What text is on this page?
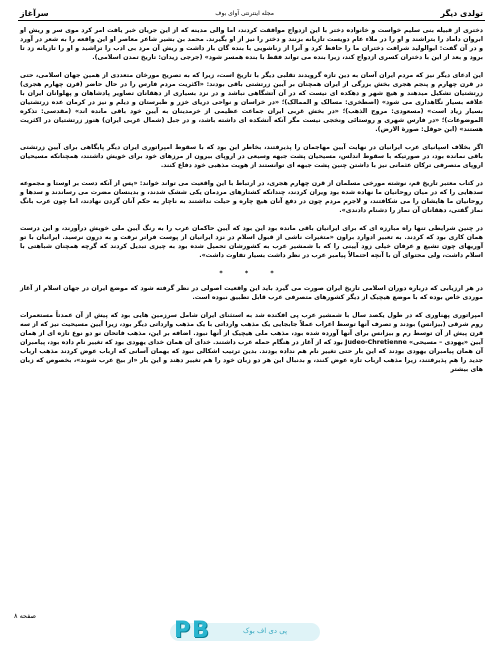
تولدی دیگر
مجله اینترنتی آوای بوف
سرآغاز

دختری از قبیله بنی سلیم خواست و خانواده دختر با این ازدواج موافقت کردند، اما والی مدینه که از این جریان خبر یافت امر کرد موی سر و ریش او ابروان داماد را بتراشند و او را در ملاء عام دویست تازیانه بزنند و دختر را نیز از او بگیرند. محمد بن بشیر شاعر معاصر او این واقعه را به شعر در آورد و در آن گفت: ابوالولید شرافت دختران ما را حافظ کرد و آنرا از زناشویی با بنده گان باز داشت و ریش آن مرد بی ادب را تراشید و او را تازیانه زد تا برود و بعد از این با دختران کسری ازدواج کند، زیرا بنده می تواند فقط با بنده همسر شود» (جرجی زیدان: تاریخ تمدن اسلامی).

این ادعای دیگر نیز که مردم ایران آسان به دین تازه گرویدند تقلبی دیگر با تاریخ است، زیرا که به تصریح مورخان متعددی از همین جهان اسلامی، حتی در قرن چهارم و پنجم هجری بخش بزرگی از ایران همچنان بر آیین زرتشتی باقی بودند: «اکثریت مردم فارس را در حال حاضر (قرن چهارم هجری) زرتشتیان تشکیل میدهند و هیچ شهر و دهکده ای نیست که در آن آتشگاهی نباشد و در نزد بسیاری از دهقانان تصاویر پادشاهان و پهلوانان ایران با علاقه بسیار نگاهداری می شود» (اصطخری: مسالک و الممالک)؛ «در خراسان و نواحی دریای خزر و طبرستان و دیلم و نیز در کرمان عده زرتشتیان بسیار زیاد است» (مسعودی: مروج الذهب)؛ «در بخش غربی ایران جماعت عظیمی از خرمدینان به آیین خود باقی مانده اند» (مقدسی: تذکره الموضوعات)؛ «در فارس شهری و روستائی ونخجی نیست مگر آنکه آتشکده ای داشته باشد، و در جبل (شمال غربی ایران) هنوز زرتشتیان در اکثریت هستند» (ابن حوقل: صورة الارض).

اگر بخلاف اسپانیای عرب ایرانیان در نهایت آیین مهاجمان را پذیرفتند، بخاطر این بود که با سقوط امپراتوری ایران دیگر پایگاهی برای آیین زرتشتی باقی نمانده بود، در صورتیکه با سقوط اندلس، مسیحیان پشت جبهه وسیعی در اروپای بیرون از مرزهای خود برای خویش داشتند، همچنانکه مسیحیان اروپای متصرفی ترکان عثمانی نیز با داشتن چنین پشت جبهه ای توانستند از هویت مذهبی خود دفاع کنند.

در کتاب معتبر تاریخ قم، نوشته مورخی مسلمان از قرن چهارم هجری، در ارتباط با این واقعیت می تواند خواند: «پس از آنکه دست بر اوستا و مجموعه سدهایی را که در میان روحانیان ما نهاده شده بود ویران کردند، چندانکه کشتارهای مردمان یکی ششک شدند، و بدینسان مضرت می رساندند و سدها و روحانیان ما هایشان را می شکافتند، و لاجرم مردم چون در دفع آنان هیچ چاره و حیلت نداشتند به ناچار به حکم آنان گردن نهادند، اما چون عرب بانگ نماز گفتی، دهقانان آن نماز را دشنام دادندی».

در چنین شرایطی تنها راه مبارزه ای که برای ایرانیان باقی مانده بود این بود که آیین حاکمان عرب را به رنگ آیین ملی خویش درآورند، و این درست همان کاری بود که کردند. به تعبیر ادوارد براون «متغیرات ناشی از قبول اسلام در نزد ایرانیان از پوست فراتر نرفت و به درون نرسید. ایرانیان با تو آوریهای چون تشیع و عرفان خیلی زود آیینی را که با شمشیر عرب به کشورشان تحمیل شده بود به چیزی تبدیل کردند که گرچه همچنان شباهتی با اسلام داشت، ولی محتوای آن با آنچه احتمالاً پیامبر عرب در نظر داشت بسیار تفاوت داشت».

* * *

در هر ارزیابی که درباره دوران اسلامی تاریخ ایران صورت می گیرد باید این واقعیت اصولی در نظر گرفته شود که موضع ایران در جهان اسلام از آغاز موردی خاص بوده که با موضع هیچیک از دیگر کشورهای متصرفی عرب قابل تطبیق نبوده است.

امپراتوری پهناوری که در طول یکصد سال با شمشیر عرب پی افکنده شد به استثنای ایران شامل سرزمین هایی بود که پیش از آن عمدتاً مستعمرات روم شرقی (بیزانس) بودند و تصرف آنها توسط اعراب عملاً جابجایی یک مذهب وارداتی با یک مذهب وارداتی دیگر بود، زیرا آیین مسیحیت نیز که از سه قرن پیش از آن توسط رم و بیزانس برای آنها آورده شده بود، مذهب ملی هیچیک از آنها نبود. اضافه بر این، مذهب فاتحان نو دو نوع تازه ای از همان آیین «یهودی – مسیحی» Judeo-Chretienne بود که از آغاز در هنگام حمله عرب داشتند. خدای آن همان خدای یهودی بود که تغییر نام داده بود، پیامبران آن همان پیامبران یهودی بودند که این بار حتی تغییر نام هم نداده بودند. بدین ترتیب اشکالی نبود که بهمان آسانی که ارباب عوض کردند مذهب ارباب جدید را هم پذیرفتند، زیرا مذهب ارباب تازه عوض کنند، و بدنبال این هر دو زبان خود را هم تغییر دهند و این بار «از بیخ عرب شوند»، بخصوص که زبان های بیشتر

صفحه ۸
P B	پی دی اف بوک
